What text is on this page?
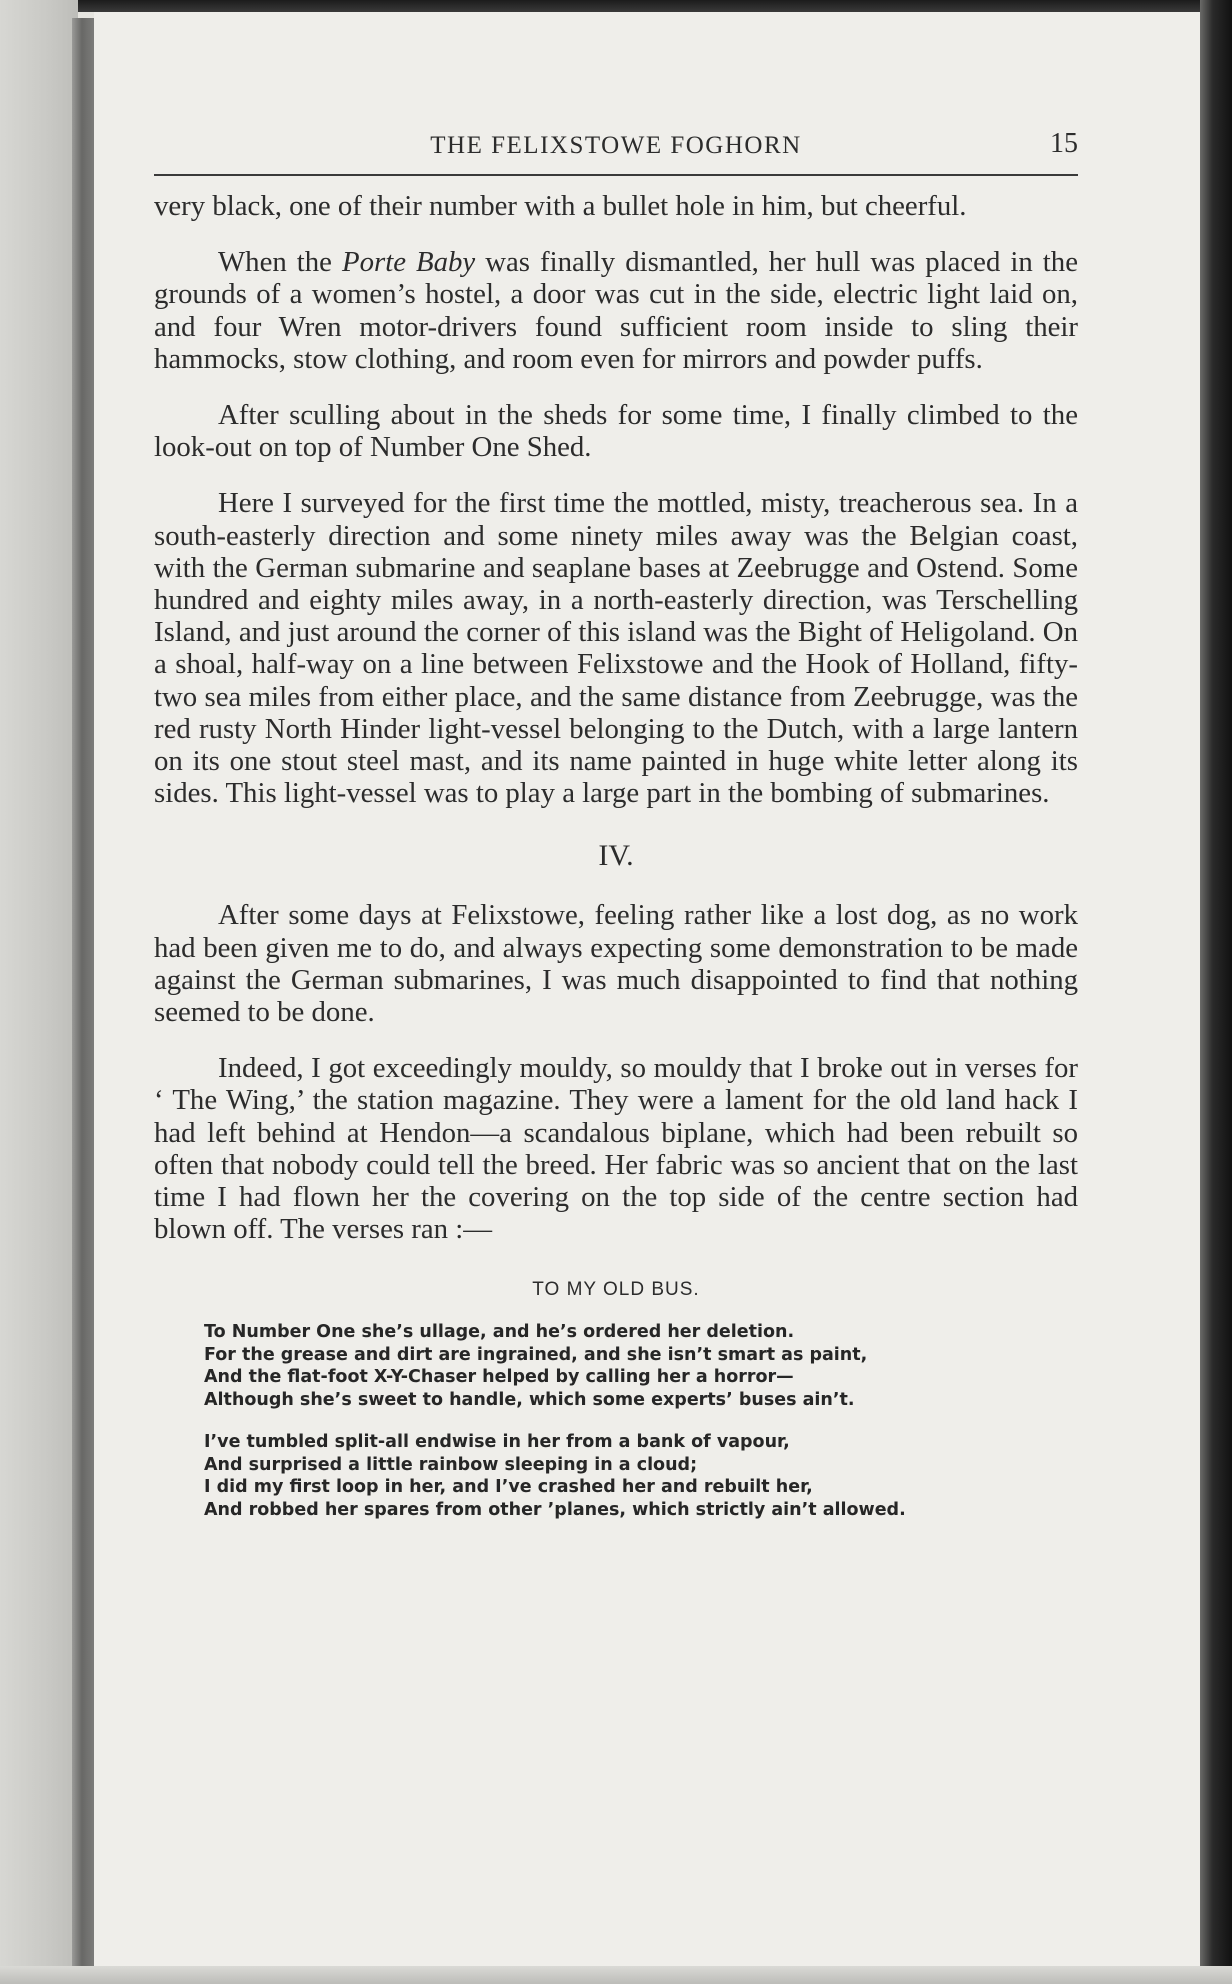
THE FELIXSTOWE FOGHORN	15

very black, one of their number with a bullet hole in him, but cheerful.

When the Porte Baby was finally dismantled, her hull was placed in the grounds of a women’s hostel, a door was cut in the side, electric light laid on, and four Wren motor-drivers found sufficient room inside to sling their hammocks, stow clothing, and room even for mirrors and powder puffs.

After sculling about in the sheds for some time, I finally climbed to the look-out on top of Number One Shed.

Here I surveyed for the first time the mottled, misty, treacherous sea. In a south-easterly direction and some ninety miles away was the Belgian coast, with the German submarine and seaplane bases at Zeebrugge and Ostend. Some hundred and eighty miles away, in a north-easterly direction, was Terschelling Island, and just around the corner of this island was the Bight of Heligoland. On a shoal, half-way on a line between Felixstowe and the Hook of Holland, fifty-two sea miles from either place, and the same distance from Zeebrugge, was the red rusty North Hinder light-vessel belonging to the Dutch, with a large lantern on its one stout steel mast, and its name painted in huge white letter along its sides. This light-vessel was to play a large part in the bombing of submarines.

IV.

After some days at Felixstowe, feeling rather like a lost dog, as no work had been given me to do, and always expecting some demonstration to be made against the German submarines, I was much disappointed to find that nothing seemed to be done.

Indeed, I got exceedingly mouldy, so mouldy that I broke out in verses for ‘ The Wing,’ the station magazine. They were a lament for the old land hack I had left behind at Hendon—a scandalous biplane, which had been rebuilt so often that nobody could tell the breed. Her fabric was so ancient that on the last time I had flown her the covering on the top side of the centre section had blown off. The verses ran :—

TO MY OLD BUS.
To Number One she’s ullage, and he’s ordered her deletion.
For the grease and dirt are ingrained, and she isn’t smart as paint,
And the flat-foot X-Y-Chaser helped by calling her a horror—
Although she’s sweet to handle, which some experts’ buses ain’t.
I’ve tumbled split-all endwise in her from a bank of vapour,
And surprised a little rainbow sleeping in a cloud;
I did my first loop in her, and I’ve crashed her and rebuilt her,
And robbed her spares from other ’planes, which strictly ain’t allowed.
